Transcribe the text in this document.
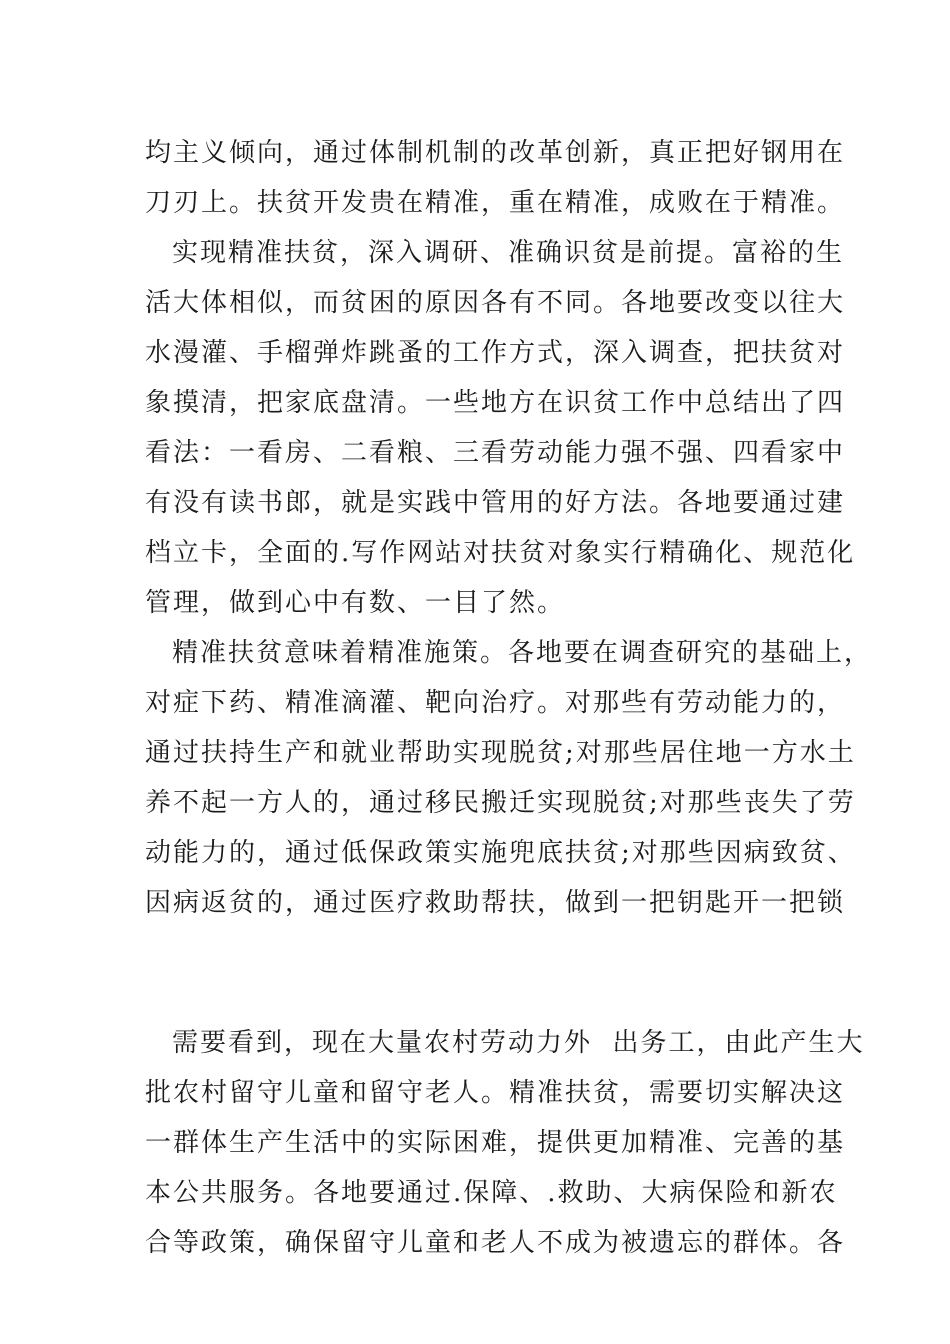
均主义倾向，通过体制机制的改革创新，真正把好钢用在
刀刃上。扶贫开发贵在精准，重在精准，成败在于精准。
实现精准扶贫，深入调研、准确识贫是前提。富裕的生
活大体相似，而贫困的原因各有不同。各地要改变以往大
水漫灌、手榴弹炸跳蚤的工作方式，深入调查，把扶贫对
象摸清，把家底盘清。一些地方在识贫工作中总结出了四
看法：一看房、二看粮、三看劳动能力强不强、四看家中
有没有读书郎，就是实践中管用的好方法。各地要通过建
档立卡，全面的.写作网站对扶贫对象实行精确化、规范化
管理，做到心中有数、一目了然。
精准扶贫意味着精准施策。各地要在调查研究的基础上，
对症下药、精准滴灌、靶向治疗。对那些有劳动能力的，
通过扶持生产和就业帮助实现脱贫;对那些居住地一方水土
养不起一方人的，通过移民搬迁实现脱贫;对那些丧失了劳
动能力的，通过低保政策实施兜底扶贫;对那些因病致贫、
因病返贫的，通过医疗救助帮扶，做到一把钥匙开一把锁
需要看到，现在大量农村劳动力外  出务工，由此产生大
批农村留守儿童和留守老人。精准扶贫，需要切实解决这
一群体生产生活中的实际困难，提供更加精准、完善的基
本公共服务。各地要通过.保障、.救助、大病保险和新农
合等政策，确保留守儿童和老人不成为被遗忘的群体。各
